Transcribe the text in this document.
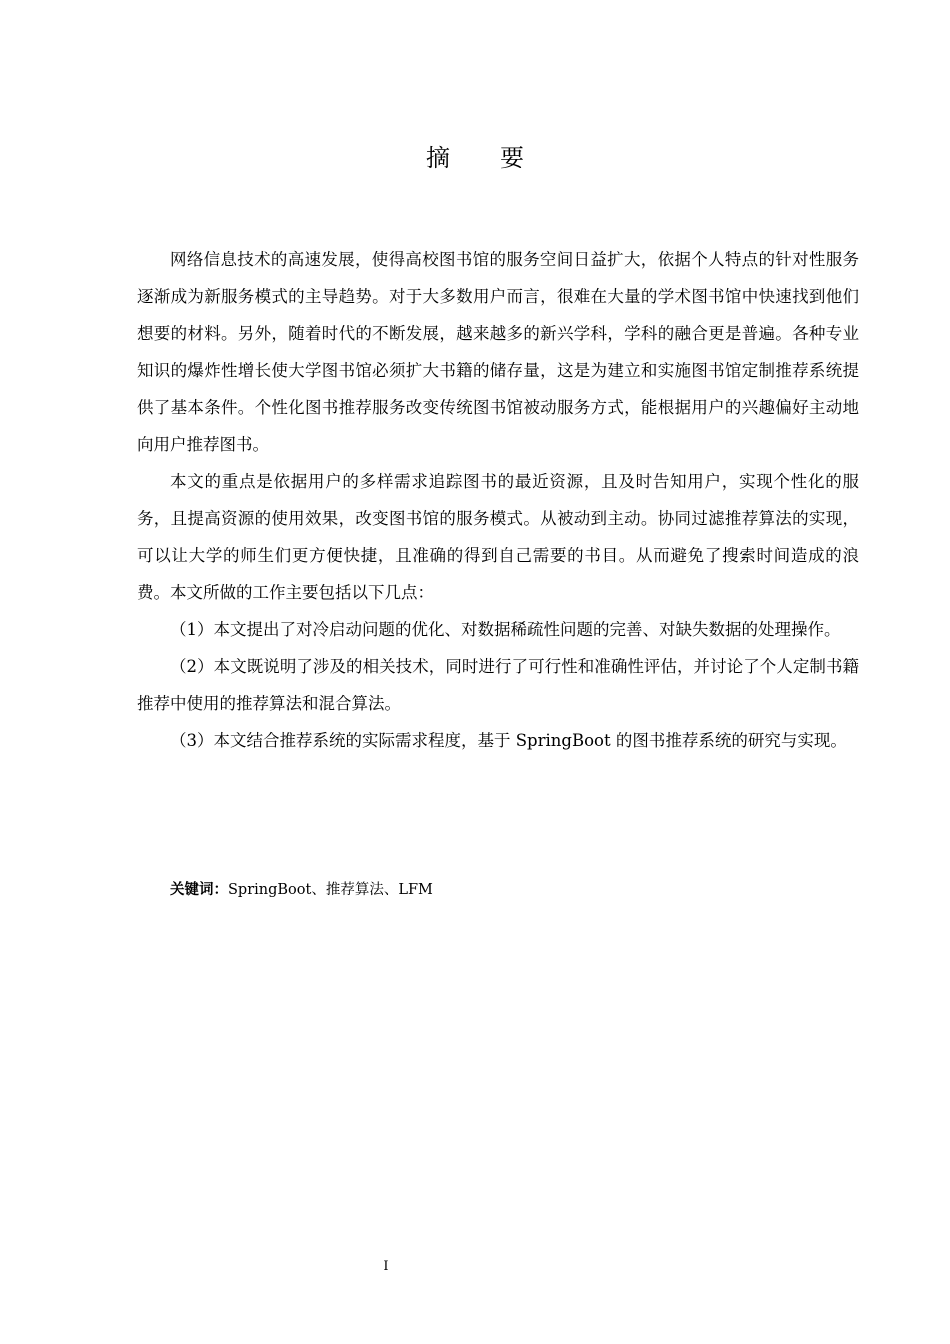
摘 要

网络信息技术的高速发展，使得高校图书馆的服务空间日益扩大，依据个人特点的针对性服务逐渐成为新服务模式的主导趋势。对于大多数用户而言，很难在大量的学术图书馆中快速找到他们想要的材料。另外，随着时代的不断发展，越来越多的新兴学科，学科的融合更是普遍。各种专业知识的爆炸性增长使大学图书馆必须扩大书籍的储存量，这是为建立和实施图书馆定制推荐系统提供了基本条件。个性化图书推荐服务改变传统图书馆被动服务方式，能根据用户的兴趣偏好主动地向用户推荐图书。

本文的重点是依据用户的多样需求追踪图书的最近资源，且及时告知用户，实现个性化的服务，且提高资源的使用效果，改变图书馆的服务模式。从被动到主动。协同过滤推荐算法的实现，可以让大学的师生们更方便快捷，且准确的得到自己需要的书目。从而避免了搜索时间造成的浪费。本文所做的工作主要包括以下几点：

（1）本文提出了对冷启动问题的优化、对数据稀疏性问题的完善、对缺失数据的处理操作。

（2）本文既说明了涉及的相关技术，同时进行了可行性和准确性评估，并讨论了个人定制书籍推荐中使用的推荐算法和混合算法。

（3）本文结合推荐系统的实际需求程度，基于 SpringBoot 的图书推荐系统的研究与实现。

关键词：SpringBoot、推荐算法、LFM
I
